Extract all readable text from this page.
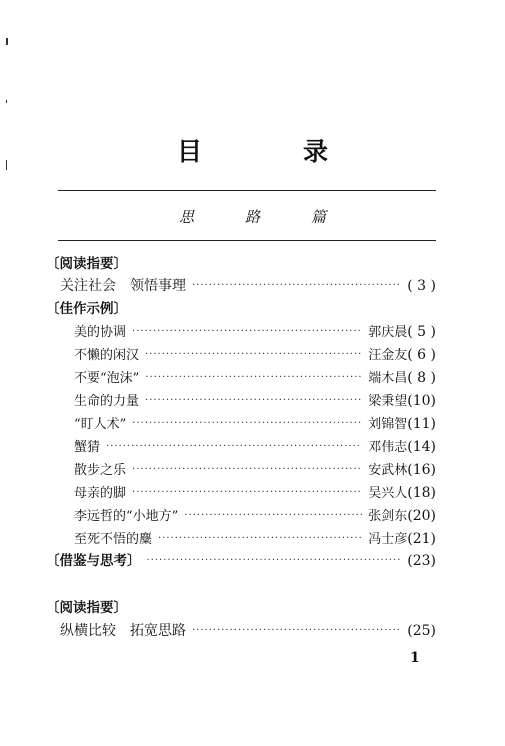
目　录
思　路　篇
〔阅读指要〕
关注社会　领悟事理 ·····	( 3 )
〔佳作示例〕
美的协调 ·····	郭庆晨 ( 5 )
不懒的闲汉 ·····	汪金友 ( 6 )
不要“泡沫” ·····	端木昌 ( 8 )
生命的力量 ·····	梁秉望 (10)
“盯人术” ·····	刘锦智 (11)
蟹猜 ·····	邓伟志 (14)
散步之乐 ·····	安武林 (16)
母亲的脚 ·····	吴兴人 (18)
李远哲的“小地方” ·····	张剑东 (20)
至死不悟的麋 ·····	冯士彦 (21)
〔借鉴与思考〕 ·····	(23)
〔阅读指要〕
纵横比较　拓宽思路 ·····	(25)
1
